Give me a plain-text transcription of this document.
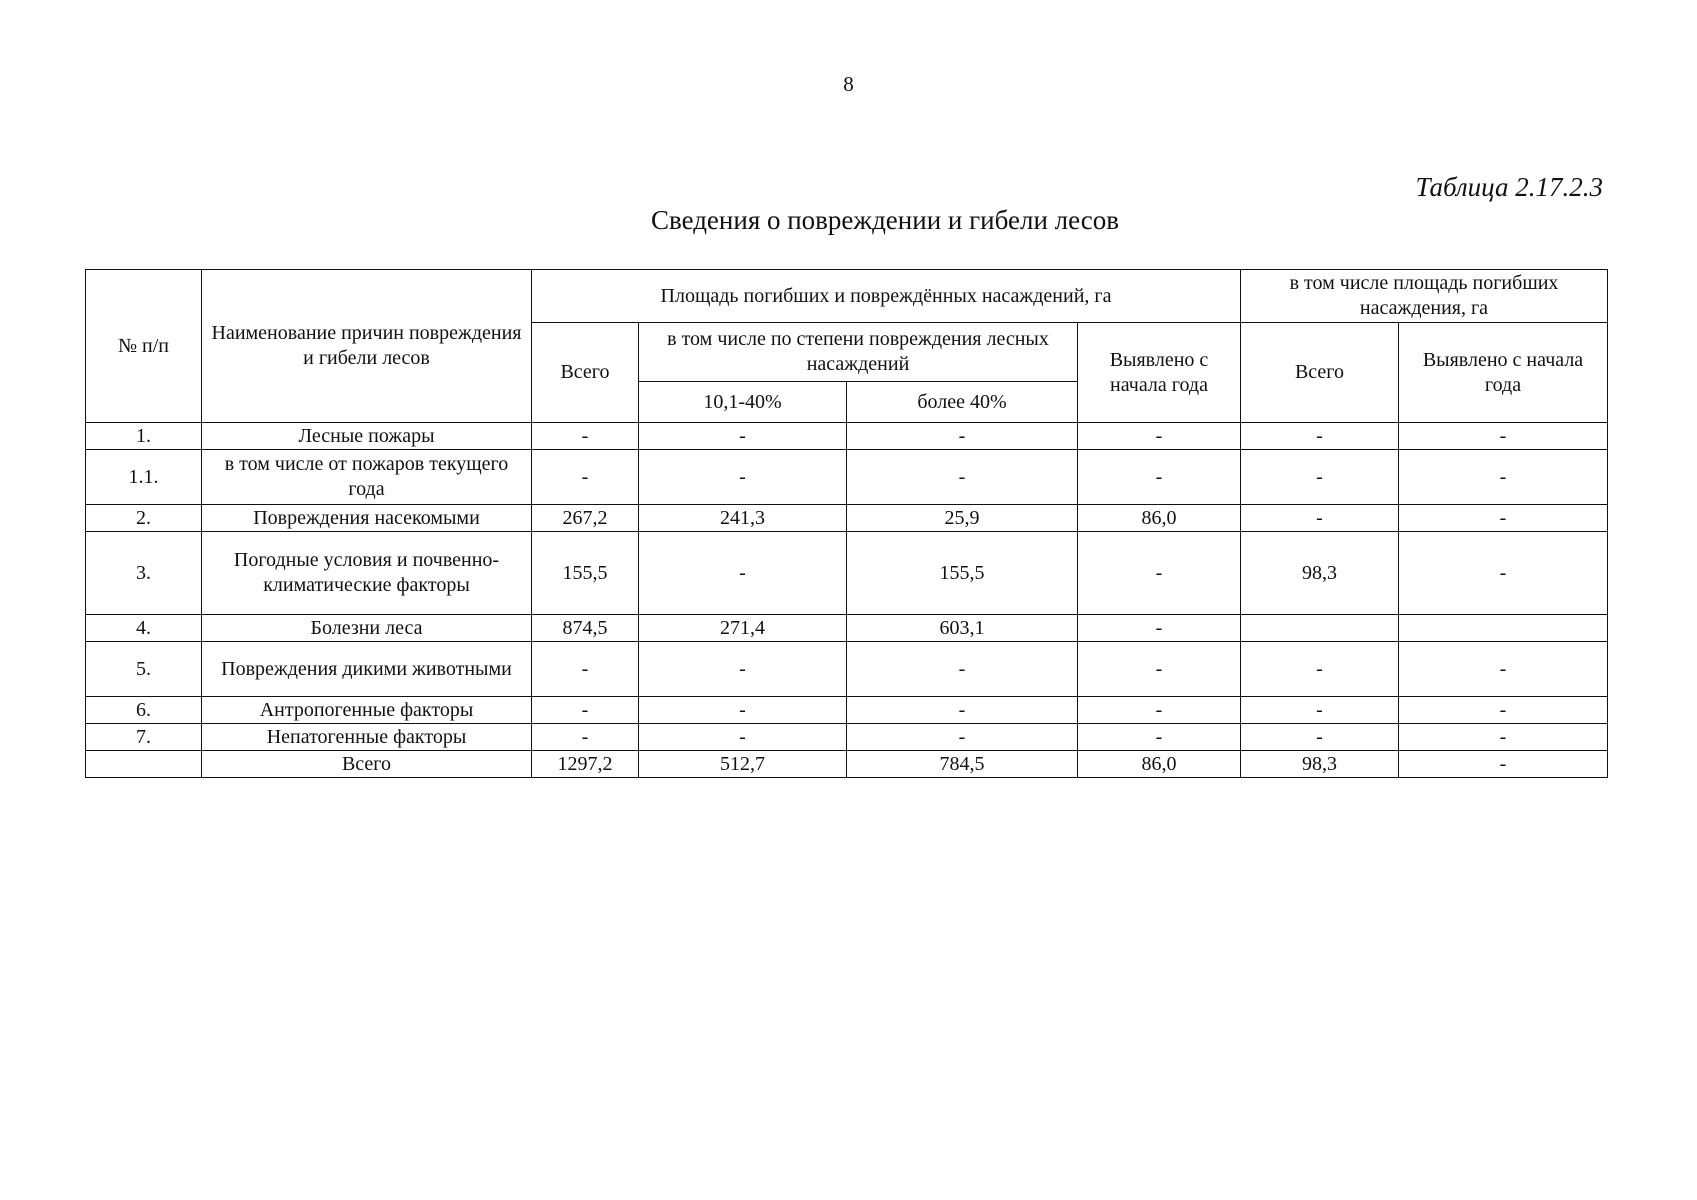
8
Таблица 2.17.2.3
Сведения о повреждении и гибели лесов
№ п/п	Наименование причин повреждения и гибели лесов	Площадь погибших и повреждённых насаждений, га				в том числе площадь погибших насаждения, га	
		Всего	в том числе по степени повреждения лесных насаждений		Выявлено с начала года	Всего	Выявлено с начала года
			10,1-40%	более 40%			
1.	Лесные пожары	-	-	-	-	-	-
1.1.	в том числе от пожаров текущего года	-	-	-	-	-	-
2.	Повреждения насекомыми	267,2	241,3	25,9	86,0	-	-
3.	Погодные условия и почвенно-климатические факторы	155,5	-	155,5	-	98,3	-
4.	Болезни леса	874,5	271,4	603,1	-		
5.	Повреждения дикими животными	-	-	-	-	-	-
6.	Антропогенные факторы	-	-	-	-	-	-
7.	Непатогенные факторы	-	-	-	-	-	-
	Всего	1297,2	512,7	784,5	86,0	98,3	-
